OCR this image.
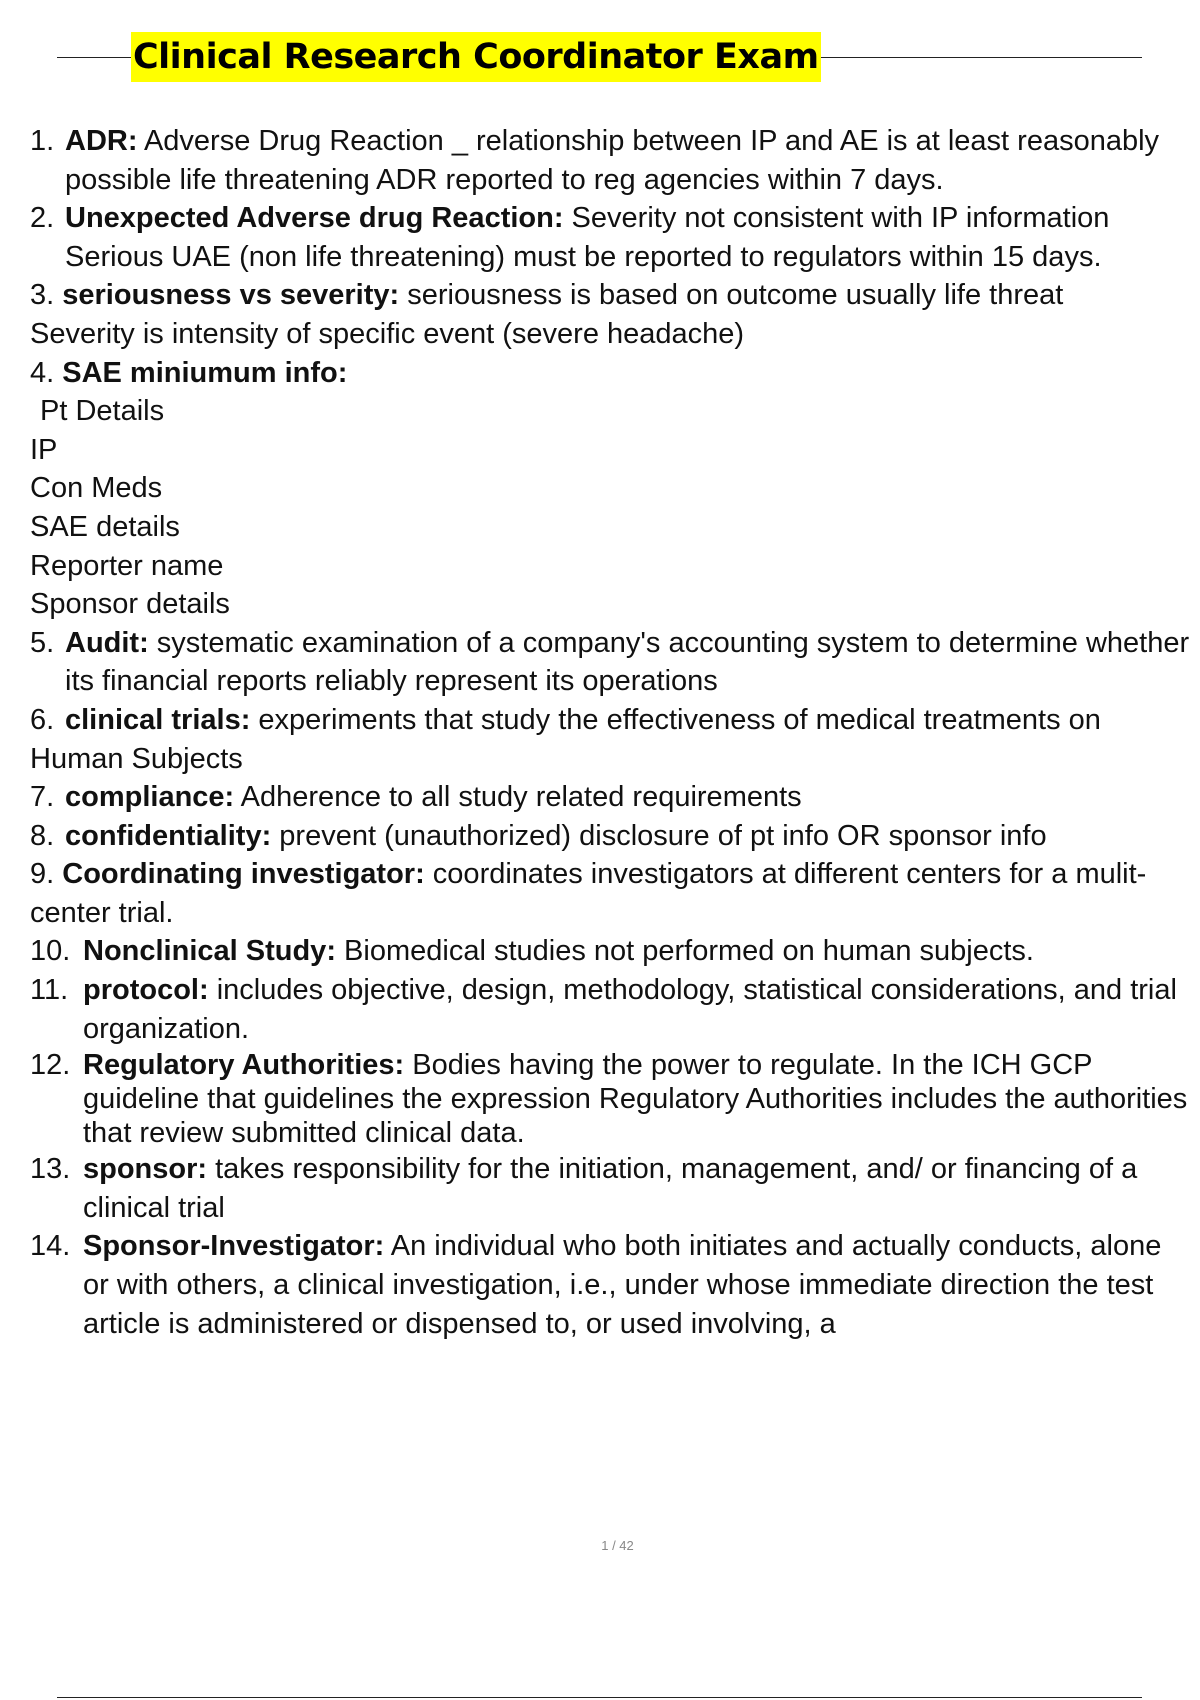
Clinical Research Coordinator Exam
1. ADR: Adverse Drug Reaction _ relationship between IP and AE is at least reasonably possible life threatening ADR reported to reg agencies within 7 days.
2. Unexpected Adverse drug Reaction: Severity not consistent with IP information Serious UAE (non life threatening) must be reported to regulators within 15 days.
3. seriousness vs severity: seriousness is based on outcome usually life threat
Severity is intensity of specific event (severe headache)
4. SAE miniumum info:
Pt Details
IP
Con Meds
SAE details
Reporter name
Sponsor details
5. Audit: systematic examination of a company's accounting system to determine whether its financial reports reliably represent its operations
6. clinical trials: experiments that study the effectiveness of medical treatments on
Human Subjects
7. compliance: Adherence to all study related requirements
8. confidentiality: prevent (unauthorized) disclosure of pt info OR sponsor info
9. Coordinating investigator: coordinates investigators at different centers for a mulit-center trial.
10. Nonclinical Study: Biomedical studies not performed on human subjects.
11. protocol: includes objective, design, methodology, statistical considerations, and trial organization.
12. Regulatory Authorities: Bodies having the power to regulate. In the ICH GCP guideline that guidelines the expression Regulatory Authorities includes the authorities that review submitted clinical data.
13. sponsor: takes responsibility for the initiation, management, and/ or financing of a clinical trial
14. Sponsor-Investigator: An individual who both initiates and actually conducts, alone or with others, a clinical investigation, i.e., under whose immediate direction the test article is administered or dispensed to, or used involving, a
1 / 42
